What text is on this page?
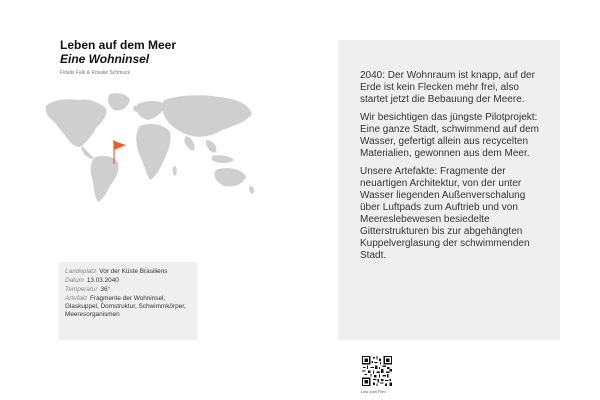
Leben auf dem Meer
Eine Wohninsel
Fidelis Falk & Rosalie Schmuck
Landeplatz Vor der Küste Brasiliens
Datum 13.03.2040
Temperatur 36°
Artefakt Fragmente der Wohninsel, Glaskuppel, Domstruktur, Schwimmkörper, Meeresorganismen

2040: Der Wohnraum ist knapp, auf der Erde ist kein Flecken mehr frei, also startet jetzt die Bebauung der Meere.

Wir besichtigen das jüngste Pilotprojekt: Eine ganze Stadt, schwimmend auf dem Wasser, gefertigt allein aus recycelten Materialien, gewonnen aus dem Meer.

Unsere Artefakte: Fragmente der neuartigen Architektur, von der unter Wasser liegenden Außenverschalung über Luftpads zum Auftrieb und von Meereslebewesen besiedelte Gitterstrukturen bis zur abgehängten Kuppelverglasung der schwimmenden Stadt.

Link zum Film
